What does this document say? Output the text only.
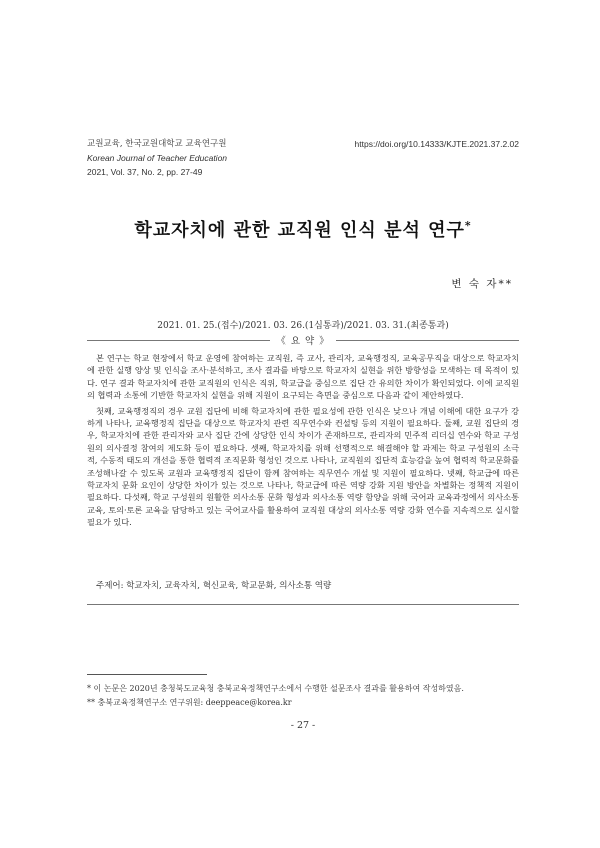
교원교육, 한국교원대학교 교육연구원	https://doi.org/10.14333/KJTE.2021.37.2.02
Korean Journal of Teacher Education
2021, Vol. 37, No. 2, pp. 27-49
학교자치에 관한 교직원 인식 분석 연구*
변 숙 자**
2021. 01. 25.(접수)/2021. 03. 26.(1심통과)/2021. 03. 31.(최종통과)
《 요 약 》

본 연구는 학교 현장에서 학교 운영에 참여하는 교직원, 즉 교사, 관리자, 교육행정직, 교육공무직을 대상으로 학교자치에 관한 실행 양상 및 인식을 조사·분석하고, 조사 결과를 바탕으로 학교자치 실현을 위한 방향성을 모색하는 데 목적이 있다. 연구 결과 학교자치에 관한 교직원의 인식은 직위, 학교급을 중심으로 집단 간 유의한 차이가 확인되었다. 이에 교직원의 협력과 소통에 기반한 학교자치 실현을 위해 지원이 요구되는 측면을 중심으로 다음과 같이 제안하였다.

첫째, 교육행정직의 경우 교원 집단에 비해 학교자치에 관한 필요성에 관한 인식은 낮으나 개념 이해에 대한 요구가 강하게 나타나, 교육행정직 집단을 대상으로 학교자치 관련 직무연수와 컨설팅 등의 지원이 필요하다. 둘째, 교원 집단의 경우, 학교자치에 관한 관리자와 교사 집단 간에 상당한 인식 차이가 존재하므로, 관리자의 민주적 리더십 연수와 학교 구성원의 의사결정 참여의 제도화 등이 필요하다. 셋째, 학교자치를 위해 선행적으로 해결해야 할 과제는 학교 구성원의 소극적, 수동적 태도의 개선을 통한 협력적 조직문화 형성인 것으로 나타나, 교직원의 집단적 효능감을 높여 협력적 학교문화를 조성해나갈 수 있도록 교원과 교육행정직 집단이 함께 참여하는 직무연수 개설 및 지원이 필요하다. 넷째, 학교급에 따른 학교자치 문화 요인이 상당한 차이가 있는 것으로 나타나, 학교급에 따른 역량 강화 지원 방안을 차별화는 정책적 지원이 필요하다. 다섯째, 학교 구성원의 원활한 의사소통 문화 형성과 의사소통 역량 함양을 위해 국어과 교육과정에서 의사소통 교육, 토의·토론 교육을 담당하고 있는 국어교사를 활용하여 교직원 대상의 의사소통 역량 강화 연수를 지속적으로 실시할 필요가 있다.

주제어: 학교자치, 교육자치, 혁신교육, 학교문화, 의사소통 역량
* 이 논문은 2020년 충청북도교육청 충북교육정책연구소에서 수행한 설문조사 결과를 활용하여 작성하였음.
** 충북교육정책연구소 연구위원: deeppeace@korea.kr
- 27 -
